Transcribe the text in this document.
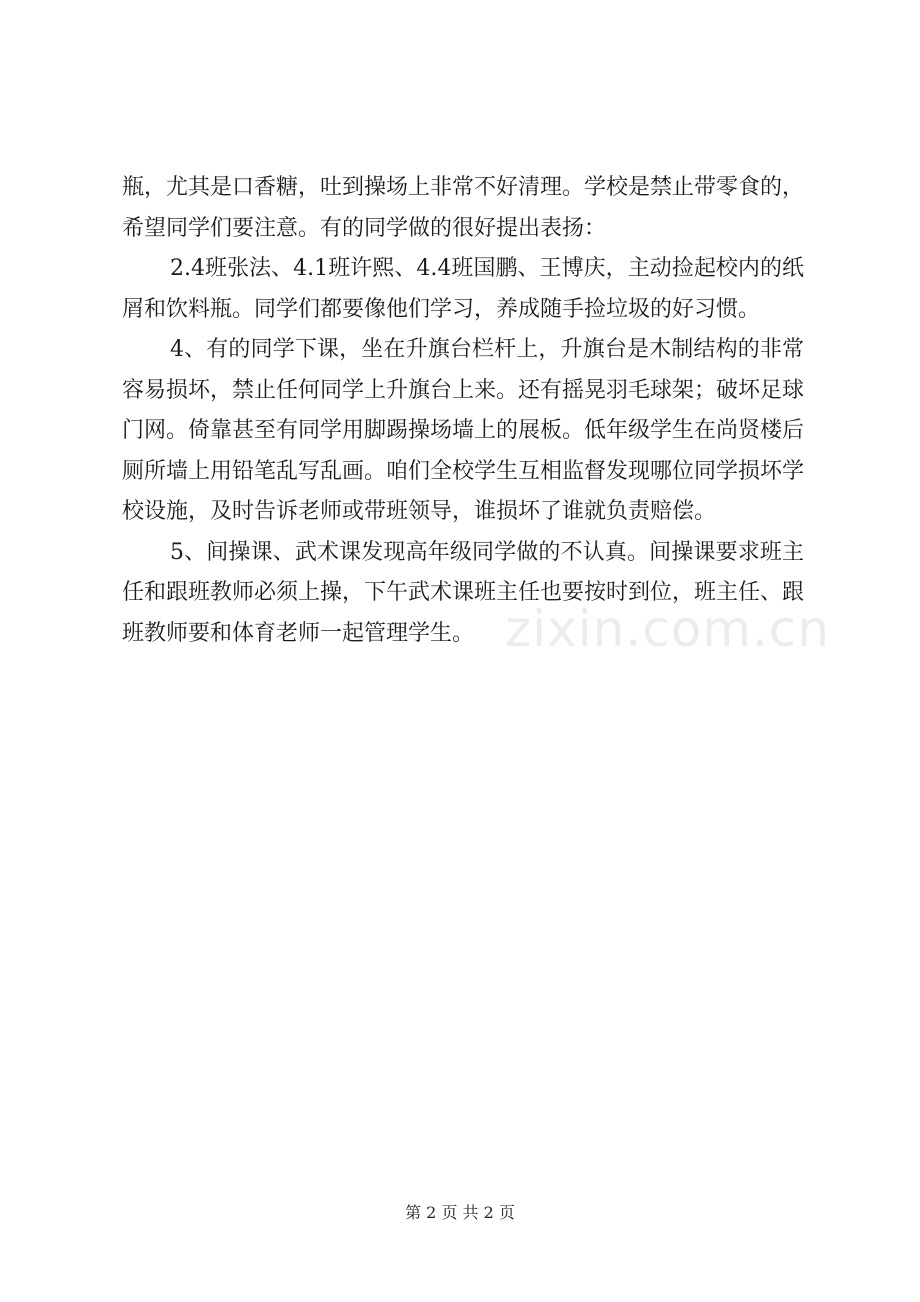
瓶，尤其是口香糖，吐到操场上非常不好清理。学校是禁止带零食的，希望同学们要注意。有的同学做的很好提出表扬：

2.4班张法、4.1班许熙、4.4班国鹏、王博庆，主动捡起校内的纸屑和饮料瓶。同学们都要像他们学习，养成随手捡垃圾的好习惯。

4、有的同学下课，坐在升旗台栏杆上，升旗台是木制结构的非常容易损坏，禁止任何同学上升旗台上来。还有摇晃羽毛球架；破坏足球门网。倚靠甚至有同学用脚踢操场墙上的展板。低年级学生在尚贤楼后厕所墙上用铅笔乱写乱画。咱们全校学生互相监督发现哪位同学损坏学校设施，及时告诉老师或带班领导，谁损坏了谁就负责赔偿。

5、间操课、武术课发现高年级同学做的不认真。间操课要求班主任和跟班教师必须上操，下午武术课班主任也要按时到位，班主任、跟班教师要和体育老师一起管理学生。 zixin.com.cn
第 2 页 共 2 页
